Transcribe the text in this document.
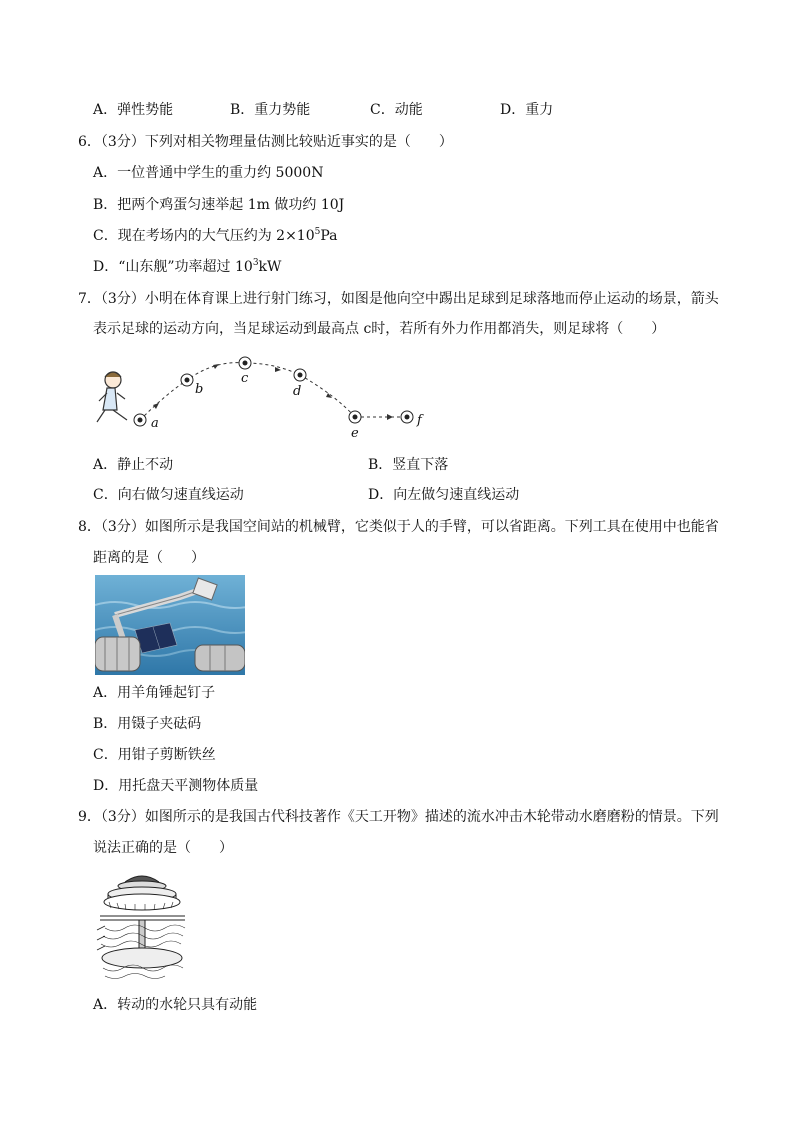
A．弹性势能	B．重力势能	C．动能	D．重力
6．（3分）下列对相关物理量估测比较贴近事实的是（　　）
A．一位普通中学生的重力约 5000N
B．把两个鸡蛋匀速举起 1m 做功约 10J
C．现在考场内的大气压约为 $2\times 10^5Pa$
D．“山东舰”功率超过 $10^3kW$
7．（3分）小明在体育课上进行射门练习，如图是他向空中踢出足球到足球落地而停止运动的场景，箭头
表示足球的运动方向，当足球运动到最高点 c时，若所有外力作用都消失，则足球将（　　）
a
b
c
d
e
f
A．静止不动	B．竖直下落
C．向右做匀速直线运动	D．向左做匀速直线运动
8．（3分）如图所示是我国空间站的机械臂，它类似于人的手臂，可以省距离。下列工具在使用中也能省
距离的是（　　）
A．用羊角锤起钉子
B．用镊子夹砝码
C．用钳子剪断铁丝
D．用托盘天平测物体质量
9．（3分）如图所示的是我国古代科技著作《天工开物》描述的流水冲击木轮带动水磨磨粉的情景。下列
说法正确的是（　　）
A．转动的水轮只具有动能
